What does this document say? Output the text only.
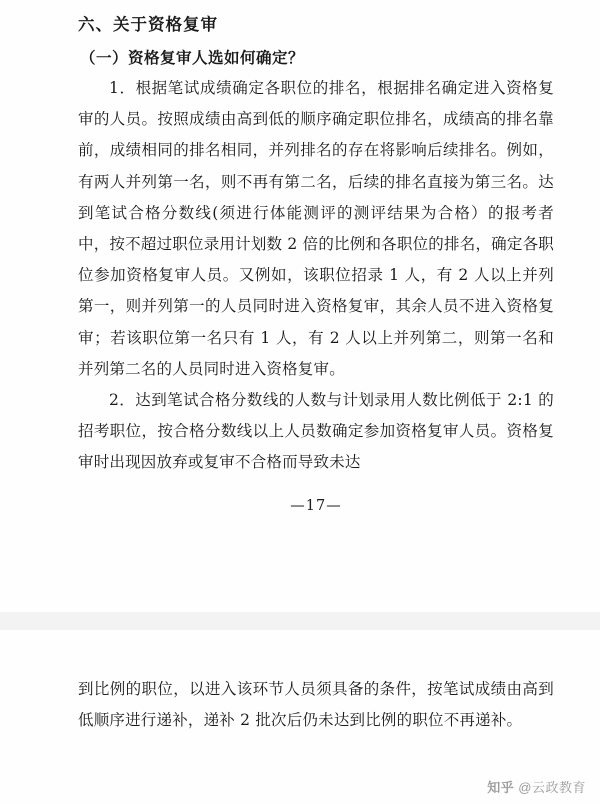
六、关于资格复审

（一）资格复审人选如何确定？

1．根据笔试成绩确定各职位的排名，根据排名确定进入资格复审的人员。按照成绩由高到低的顺序确定职位排名，成绩高的排名靠前，成绩相同的排名相同，并列排名的存在将影响后续排名。例如，有两人并列第一名，则不再有第二名，后续的排名直接为第三名。达到笔试合格分数线(须进行体能测评的测评结果为合格）的报考者中，按不超过职位录用计划数 2 倍的比例和各职位的排名，确定各职位参加资格复审人员。又例如，该职位招录 1 人，有 2 人以上并列第一，则并列第一的人员同时进入资格复审，其余人员不进入资格复审；若该职位第一名只有 1 人，有 2 人以上并列第二，则第一名和并列第二名的人员同时进入资格复审。

2．达到笔试合格分数线的人数与计划录用人数比例低于 2:1 的招考职位，按合格分数线以上人员数确定参加资格复审人员。资格复审时出现因放弃或复审不合格而导致未达

—17—

到比例的职位，以进入该环节人员须具备的条件，按笔试成绩由高到低顺序进行递补，递补 2 批次后仍未达到比例的职位不再递补。

知乎 @云政教育
